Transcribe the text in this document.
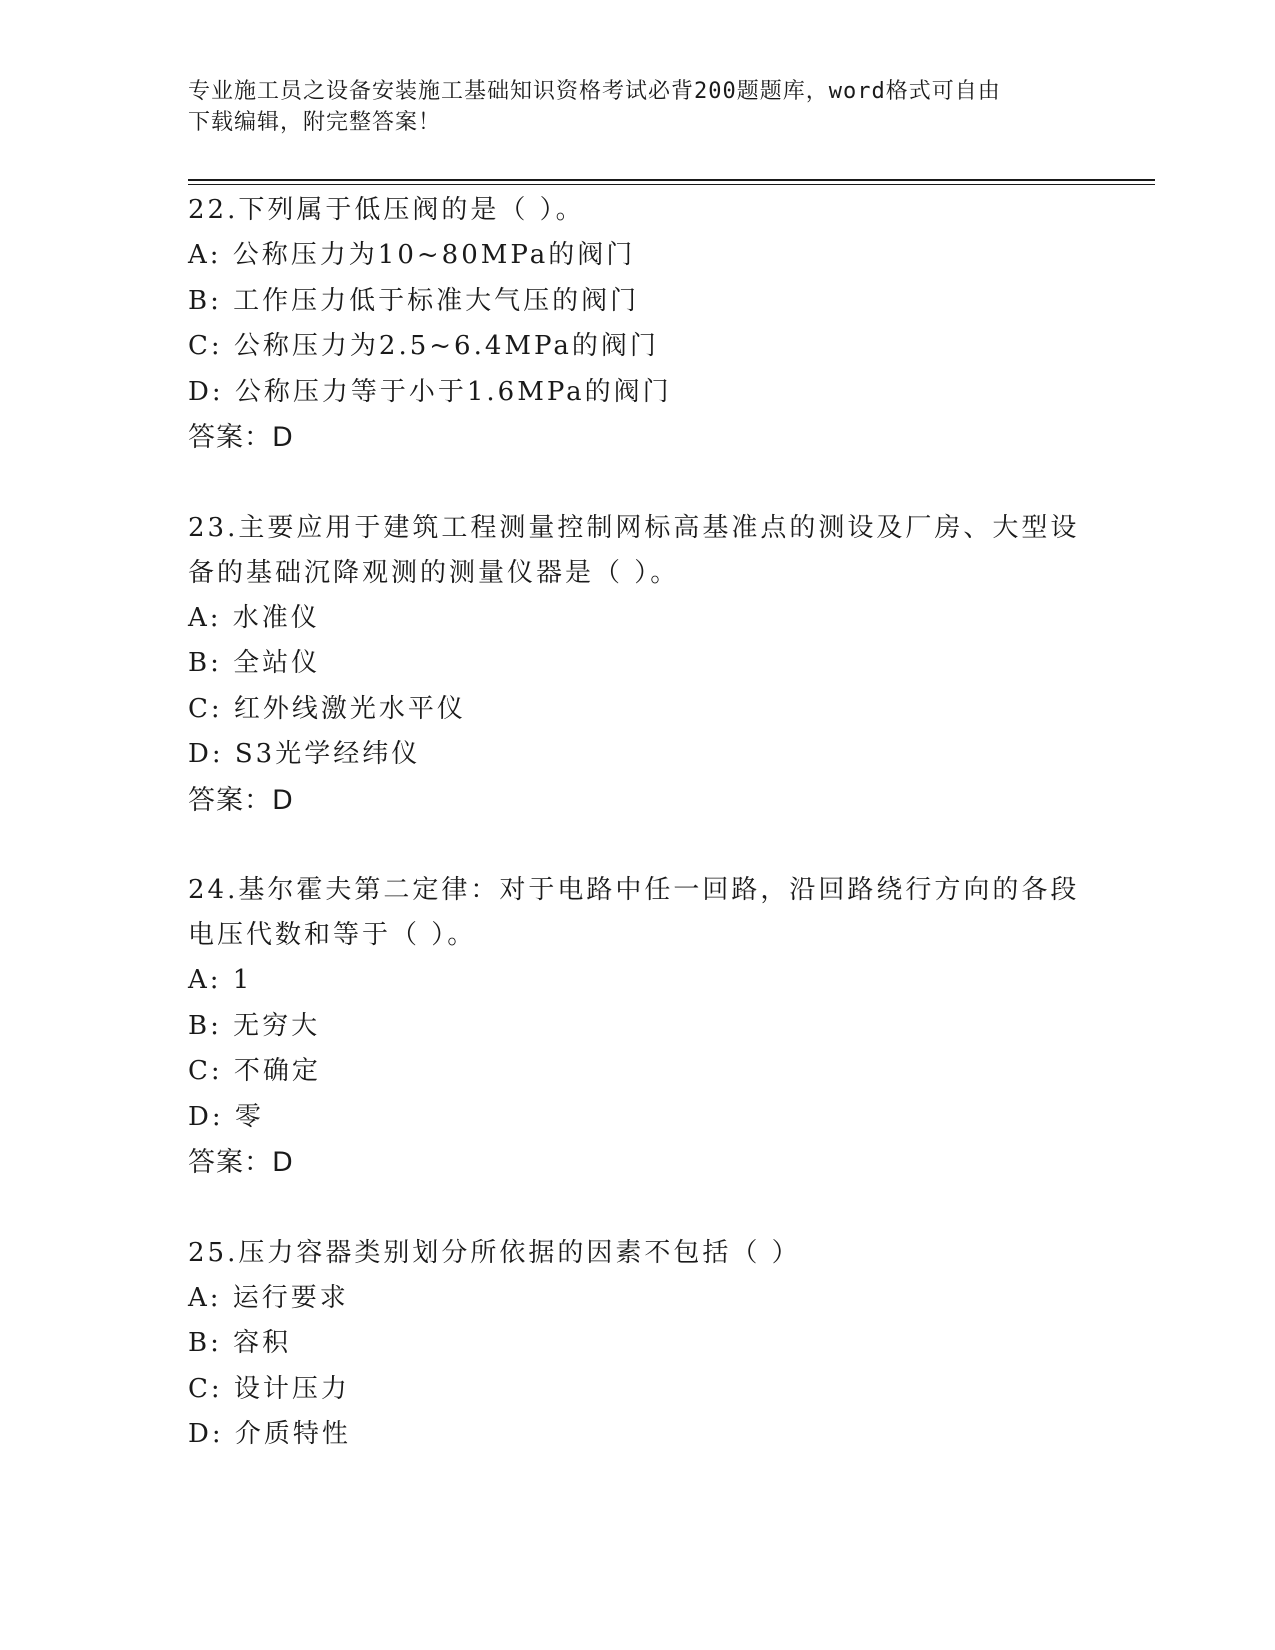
专业施工员之设备安装施工基础知识资格考试必背200题题库，word格式可自由
下载编辑，附完整答案！

22.下列属于低压阀的是（ ）。

A: 公称压力为10~80MPa的阀门

B: 工作压力低于标准大气压的阀门

C: 公称压力为2.5~6.4MPa的阀门

D: 公称压力等于小于1.6MPa的阀门

答案：D

23.主要应用于建筑工程测量控制网标高基准点的测设及厂房、大型设

备的基础沉降观测的测量仪器是（ ）。

A: 水准仪

B: 全站仪

C: 红外线激光水平仪

D: S3光学经纬仪

答案：D

24.基尔霍夫第二定律：对于电路中任一回路，沿回路绕行方向的各段

电压代数和等于（ ）。

A: 1

B: 无穷大

C: 不确定

D: 零

答案：D

25.压力容器类别划分所依据的因素不包括（ ）

A: 运行要求

B: 容积

C: 设计压力

D: 介质特性
